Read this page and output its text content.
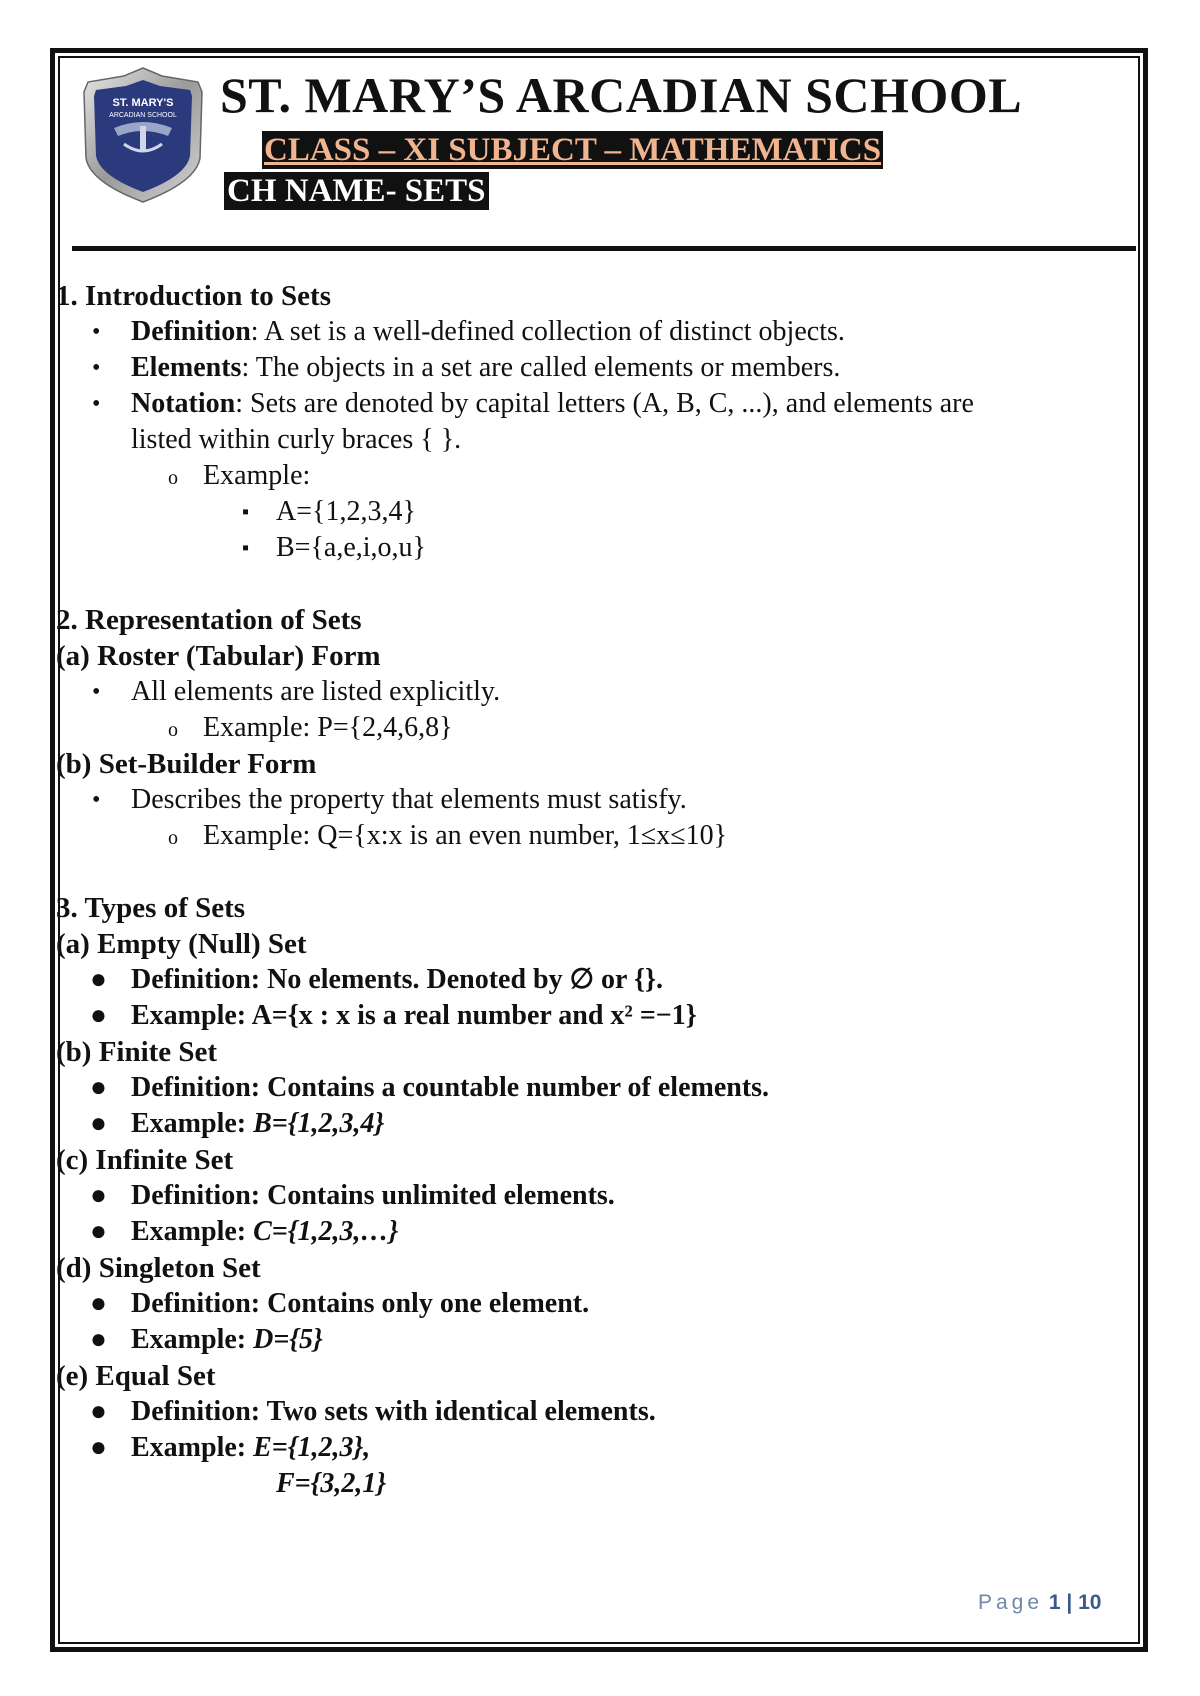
ST. MARY'S
ARCADIAN SCHOOL ST. MARY’S ARCADIAN SCHOOL
CLASS – XI SUBJECT – MATHEMATICS
CH NAME- SETS
1. Introduction to Sets
• Definition: A set is a well-defined collection of distinct objects.
• Elements: The objects in a set are called elements or members.
• Notation: Sets are denoted by capital letters (A, B, C, ...), and elements are
listed within curly braces { }.
o Example:
▪ A={1,2,3,4}
▪ B={a,e,i,o,u}
2. Representation of Sets
(a) Roster (Tabular) Form
• All elements are listed explicitly.
o Example: P={2,4,6,8}
(b) Set-Builder Form
• Describes the property that elements must satisfy.
o Example: Q={x:x is an even number, 1≤x≤10}
3. Types of Sets
(a) Empty (Null) Set
● Definition: No elements. Denoted by ∅ or {}.
● Example: A={x : x is a real number and x² =−1}
(b) Finite Set
● Definition: Contains a countable number of elements.
● Example: B={1,2,3,4}
(c) Infinite Set
● Definition: Contains unlimited elements.
● Example: C={1,2,3,…}
(d) Singleton Set
● Definition: Contains only one element.
● Example: D={5}
(e) Equal Set
● Definition: Two sets with identical elements.
● Example: E={1,2,3},
F={3,2,1}
Page 1 | 10
